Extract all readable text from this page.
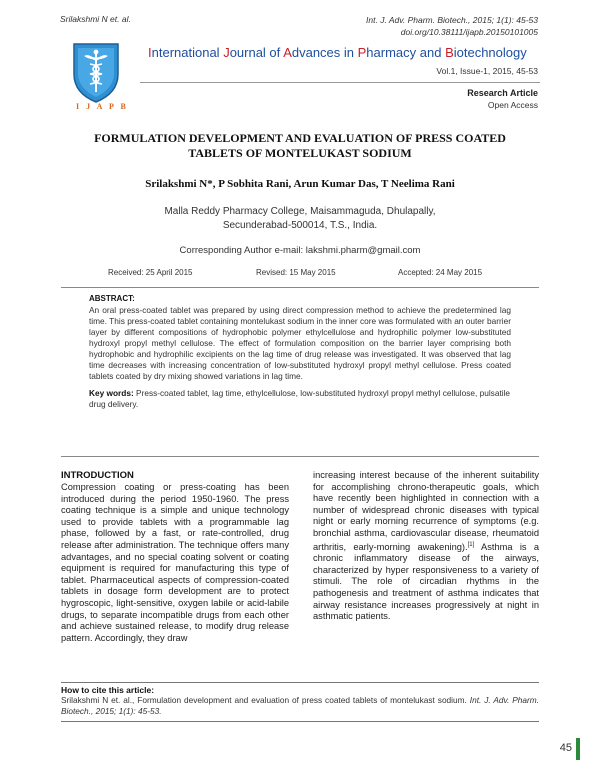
Srilakshmi N et. al.	Int. J. Adv. Pharm. Biotech., 2015; 1(1): 45-53
doi.org/10.38111/ijapb.20150101005
I J A P B
International Journal of Advances in Pharmacy and Biotechnology
Vol.1, Issue-1, 2015, 45-53
Research Article
Open Access
FORMULATION DEVELOPMENT AND EVALUATION OF PRESS COATED
TABLETS OF MONTELUKAST SODIUM
Srilakshmi N*, P Sobhita Rani, Arun Kumar Das, T Neelima Rani
Malla Reddy Pharmacy College, Maisammaguda, Dhulapally,
Secunderabad-500014, T.S., India.
Corresponding Author e-mail: lakshmi.pharm@gmail.com
Received: 25 April 2015	Revised: 15 May 2015	Accepted: 24 May 2015
ABSTRACT:
An oral press-coated tablet was prepared by using direct compression method to achieve the predetermined lag time. This press-coated tablet containing montelukast sodium in the inner core was formulated with an outer barrier layer by different compositions of hydrophobic polymer ethylcellulose and hydrophilic polymer low-substituted hydroxyl propyl methyl cellulose. The effect of formulation composition on the barrier layer comprising both hydrophobic and hydrophilic excipients on the lag time of drug release was investigated. It was observed that lag time decreases with increasing concentration of low-substituted hydroxyl propyl methyl cellulose. Press coated tablets coated by dry mixing showed variations in lag time.
Key words: Press-coated tablet, lag time, ethylcellulose, low-substituted hydroxyl propyl methyl cellulose, pulsatile drug delivery.
INTRODUCTION
Compression coating or press-coating has been introduced during the period 1950-1960. The press coating technique is a simple and unique technology used to provide tablets with a programmable lag phase, followed by a fast, or rate-controlled, drug release after administration. The technique offers many advantages, and no special coating solvent or coating equipment is required for manufacturing this type of tablet. Pharmaceutical aspects of compression-coated tablets in dosage form development are to protect hygroscopic, light-sensitive, oxygen labile or acid-labile drugs, to separate incompatible drugs from each other and achieve sustained release, to modify drug release pattern. Accordingly, they draw
increasing interest because of the inherent suitability for accomplishing chrono-therapeutic goals, which have recently been highlighted in connection with a number of widespread chronic diseases with typical night or early morning recurrence of symptoms (e.g. bronchial asthma, cardiovascular disease, rheumatoid arthritis, early-morning awakening).[1] Asthma is a chronic inflammatory disease of the airways, characterized by hyper responsiveness to a variety of stimuli. The role of circadian rhythms in the pathogenesis and treatment of asthma indicates that airway resistance increases progressively at night in asthmatic patients.
How to cite this article:
Srilakshmi N et. al., Formulation development and evaluation of press coated tablets of montelukast sodium. Int. J. Adv. Pharm. Biotech., 2015; 1(1): 45-53.
45
